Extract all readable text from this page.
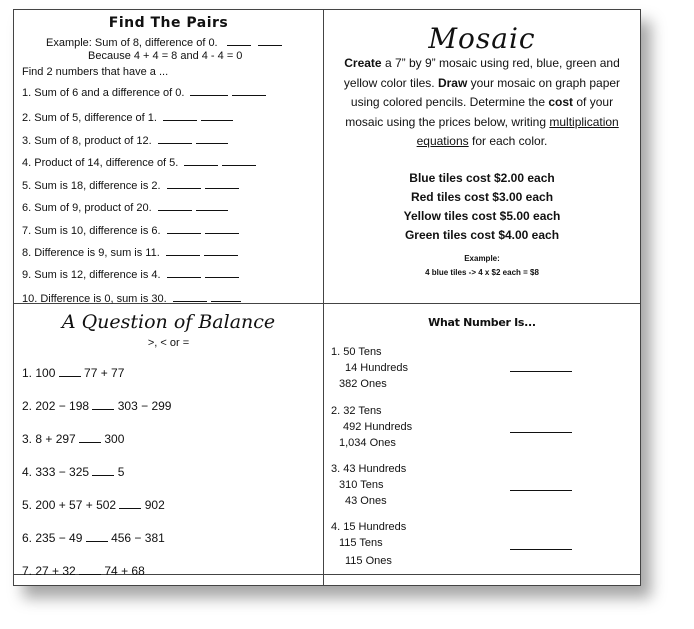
Find The Pairs
Example: Sum of 8, difference of 0.
Because 4 + 4 = 8 and 4 - 4 = 0
Find 2 numbers that have a ...
1. Sum of 6 and a difference of 0.
2. Sum of 5, difference of 1.
3. Sum of 8, product of 12.
4. Product of 14, difference of 5.
5. Sum is 18, difference is 2.
6. Sum of 9, product of 20.
7. Sum is 10, difference is 6.
8. Difference is 9, sum is 11.
9. Sum is 12, difference is 4.
10. Difference is 0, sum is 30.
Mosaic
Create a 7” by 9” mosaic using red, blue, green and
yellow color tiles. Draw your mosaic on graph paper
using colored pencils. Determine the cost of your
mosaic using the prices below, writing multiplication
equations for each color.
Blue tiles cost $2.00 each
Red tiles cost $3.00 each
Yellow tiles cost $5.00 each
Green tiles cost $4.00 each
Example:
4 blue tiles -> 4 x $2 each = $8
A Question of Balance
>, < or =
1. 100  77 + 77
2. 202 − 198  303 − 299
3. 8 + 297  300
4. 333 − 325  5
5. 200 + 57 + 502  902
6. 235 − 49  456 − 381
7. 27 + 32  74 + 68
What Number Is...
1. 50 Tens
14 Hundreds
382 Ones
2. 32 Tens
492 Hundreds
1,034 Ones
3. 43 Hundreds
310 Tens
43 Ones
4. 15 Hundreds
115 Tens
115 Ones
